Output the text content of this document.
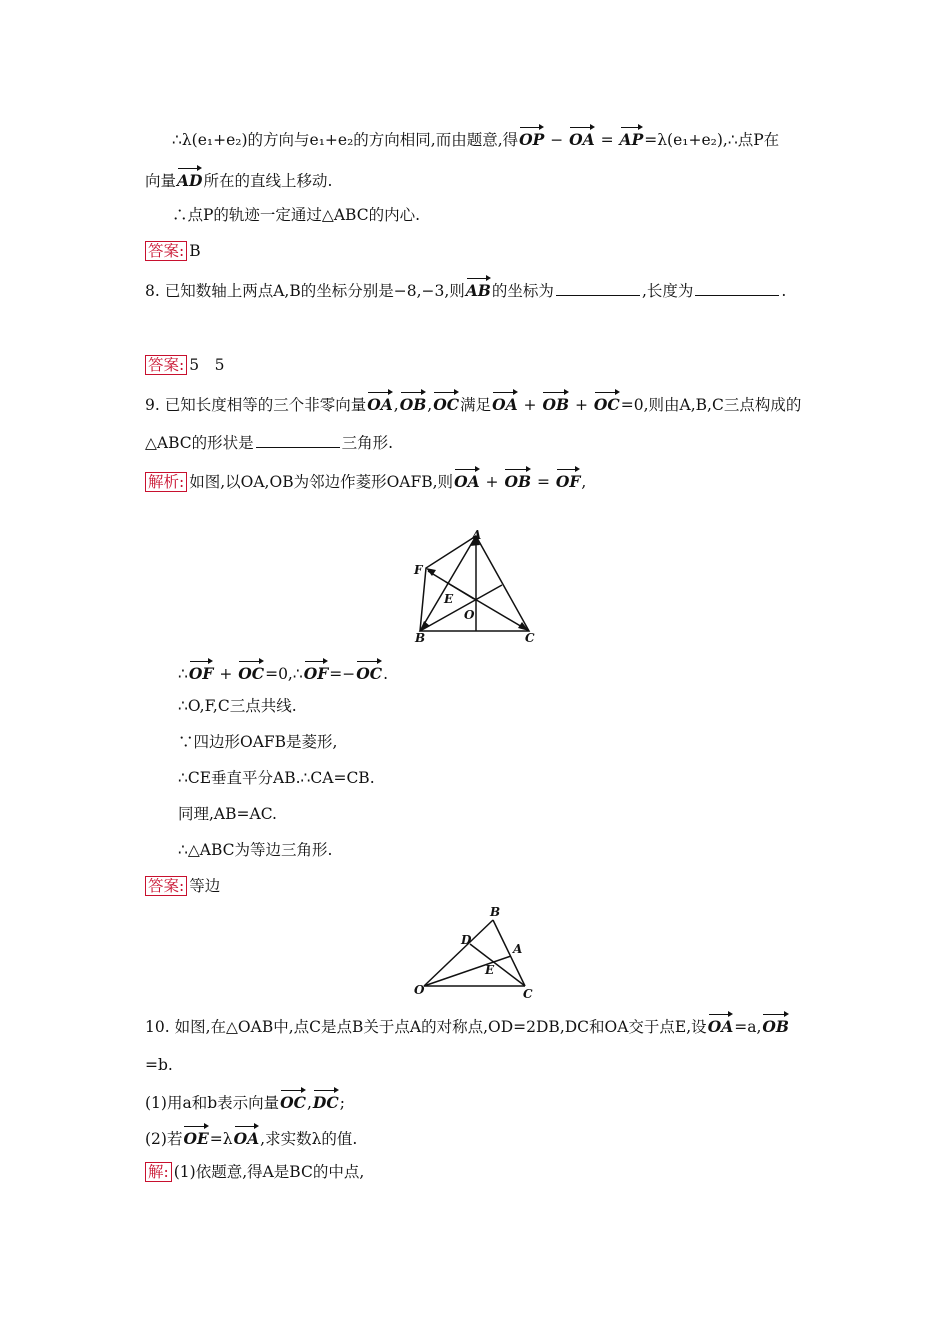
∴λ(e₁+e₂)的方向与e₁+e₂的方向相同,而由题意,得OP − OA = AP=λ(e₁+e₂),∴点P在
向量AD所在的直线上移动.
∴点P的轨迹一定通过△ABC的内心.
答案: B
8. 已知数轴上两点A,B的坐标分别是−8,−3,则AB的坐标为	,长度为	.
答案: 5　5
9. 已知长度相等的三个非零向量OA,OB,OC满足OA + OB + OC=0,则由A,B,C三点构成的
△ABC的形状是	三角形.
解析: 如图,以OA,OB为邻边作菱形OAFB,则OA + OB = OF,
A
B	C
F
E
O
∴OF + OC=0,∴OF=−OC.
∴O,F,C三点共线.
∵四边形OAFB是菱形,
∴CE垂直平分AB.∴CA=CB.
同理,AB=AC.
∴△ABC为等边三角形.
答案: 等边
B
D
A
E
O	C
10. 如图,在△OAB中,点C是点B关于点A的对称点,OD=2DB,DC和OA交于点E,设OA=a,OB
=b.
(1)用a和b表示向量OC,DC;
(2)若OE=λOA,求实数λ的值.
解: (1)依题意,得A是BC的中点,
